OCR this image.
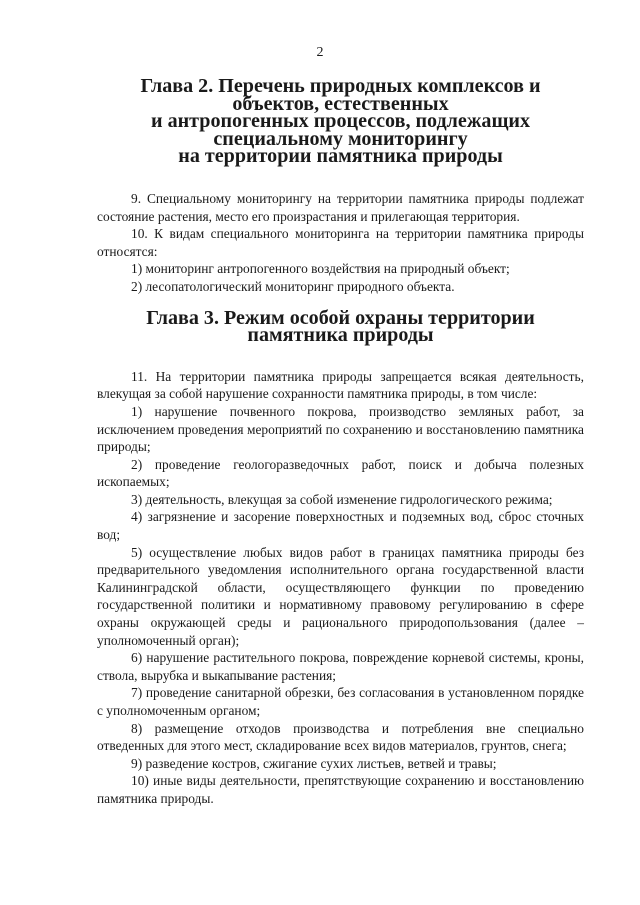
2
Глава 2. Перечень природных комплексов и объектов, естественных
и антропогенных процессов, подлежащих специальному мониторингу
на территории памятника природы

9. Специальному мониторингу на территории памятника природы подлежат состояние растения, место его произрастания и прилегающая территория.

10. К видам специального мониторинга на территории памятника природы относятся:

1) мониторинг антропогенного воздействия на природный объект;

2) лесопатологический мониторинг природного объекта.

Глава 3. Режим особой охраны территории памятника природы

11. На территории памятника природы запрещается всякая деятельность, влекущая за собой нарушение сохранности памятника природы, в том числе:

1) нарушение почвенного покрова, производство земляных работ, за исключением проведения мероприятий по сохранению и восстановлению памятника природы;

2) проведение геологоразведочных работ, поиск и добыча полезных ископаемых;

3) деятельность, влекущая за собой изменение гидрологического режима;

4) загрязнение и засорение поверхностных и подземных вод, сброс сточных вод;

5) осуществление любых видов работ в границах памятника природы без предварительного уведомления исполнительного органа государственной власти Калининградской области, осуществляющего функции по проведению государственной политики и нормативному правовому регулированию в сфере охраны окружающей среды и рационального природопользования (далее – уполномоченный орган);

6) нарушение растительного покрова, повреждение корневой системы, кроны, ствола, вырубка и выкапывание растения;

7) проведение санитарной обрезки, без согласования в установленном порядке с уполномоченным органом;

8) размещение отходов производства и потребления вне специально отведенных для этого мест, складирование всех видов материалов, грунтов, снега;

9) разведение костров, сжигание сухих листьев, ветвей и травы;

10) иные виды деятельности, препятствующие сохранению и восстановлению памятника природы.
